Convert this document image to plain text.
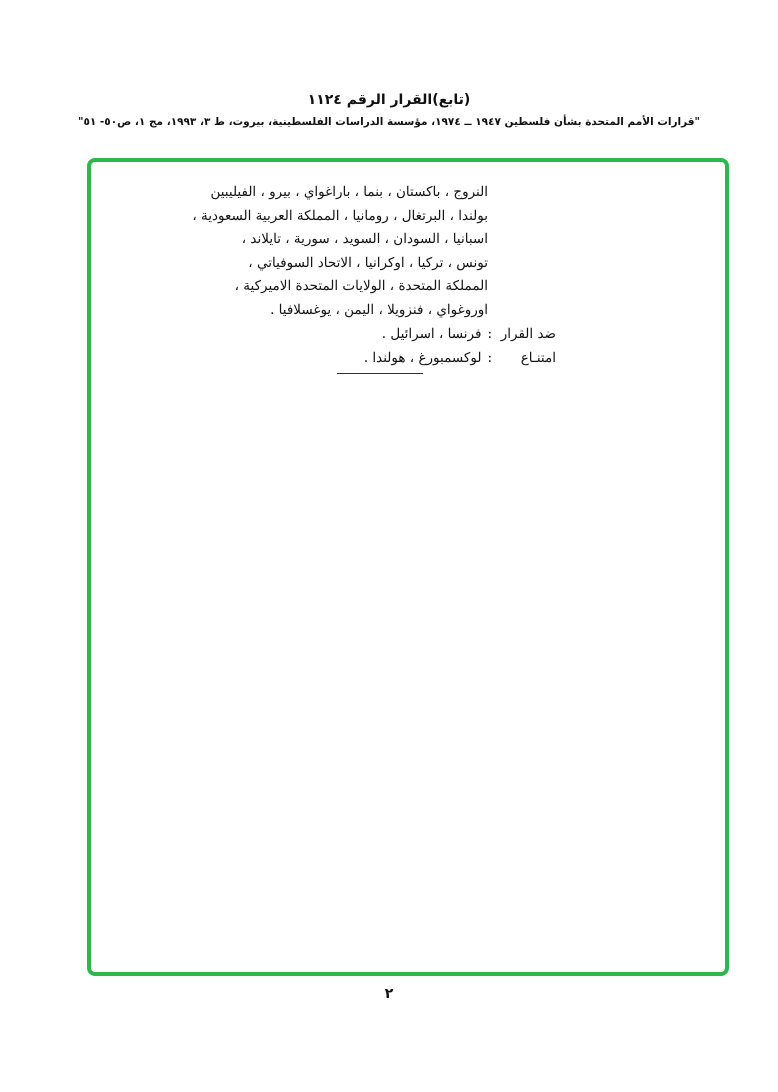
(تابع)القرار الرقم ١١٢٤

"قرارات الأمم المتحدة بشأن فلسطين ١٩٤٧ ــ ١٩٧٤، مؤسسة الدراسات الفلسطينية، بيروت، ط ٣، ١٩٩٣، مج ١، ص٥٠- ٥١"

النروج ، باكستان ، بنما ، باراغواي ، بيرو ، الفيليبين
بولندا ، البرتغال ، رومانيا ، المملكة العربية السعودية ،
اسبانيا ، السودان ، السويد ، سورية ، تايلاند ،
تونس ، تركيا ، اوكرانيا ، الاتحاد السوفياتي ،
المملكة المتحدة ، الولايات المتحدة الاميركية ،
اوروغواي ، فنزويلا ، اليمن ، يوغسلافيا .
ضد القرار:فرنسا ، اسرائيل .
امتنـاع:لوكسمبورغ ، هولندا .
٢
